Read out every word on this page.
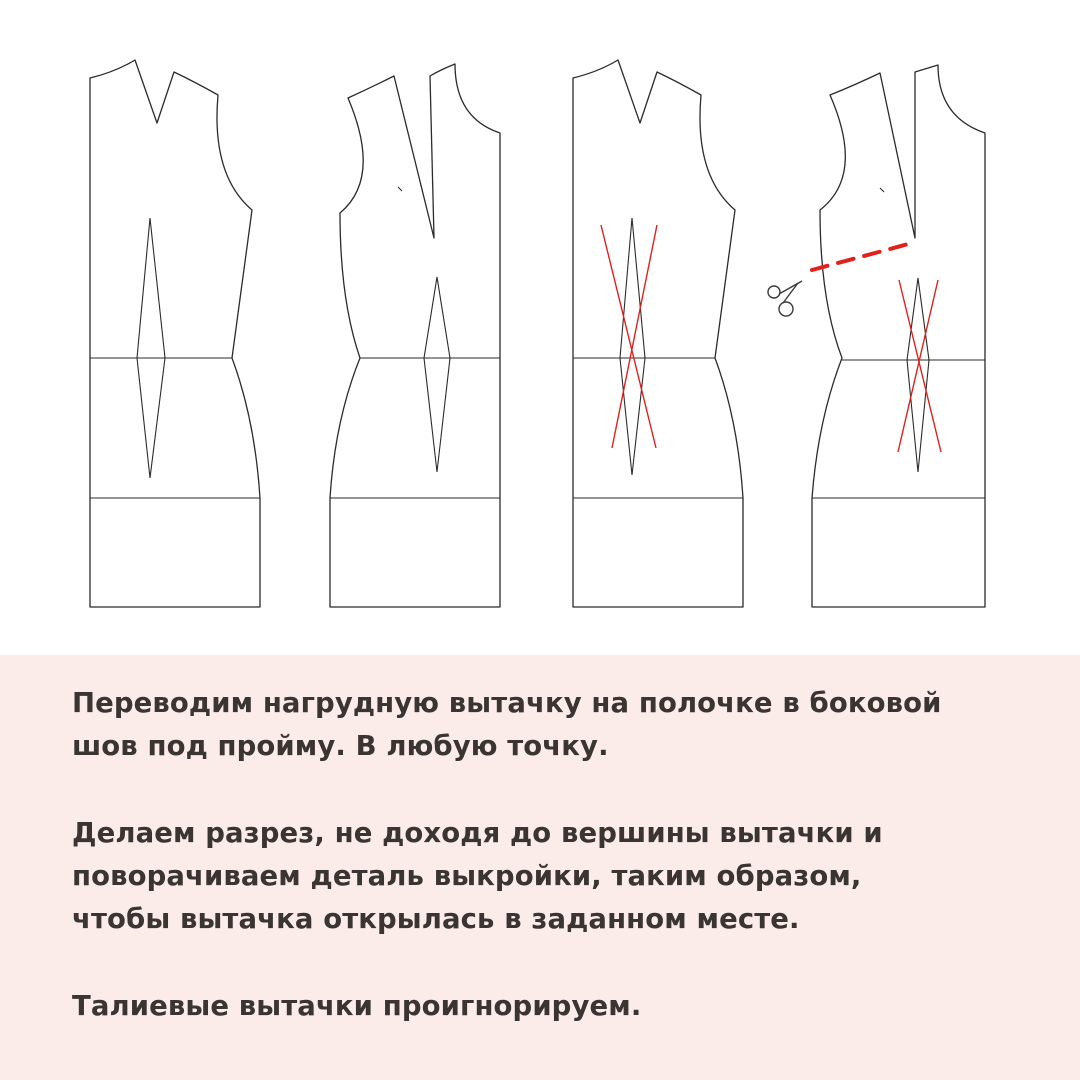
Переводим нагрудную вытачку на полочке в боковой
шов под пройму. В любую точку.

Делаем разрез, не доходя до вершины вытачки и
поворачиваем деталь выкройки, таким образом,
чтобы вытачка открылась в заданном месте.

Талиевые вытачки проигнорируем.
